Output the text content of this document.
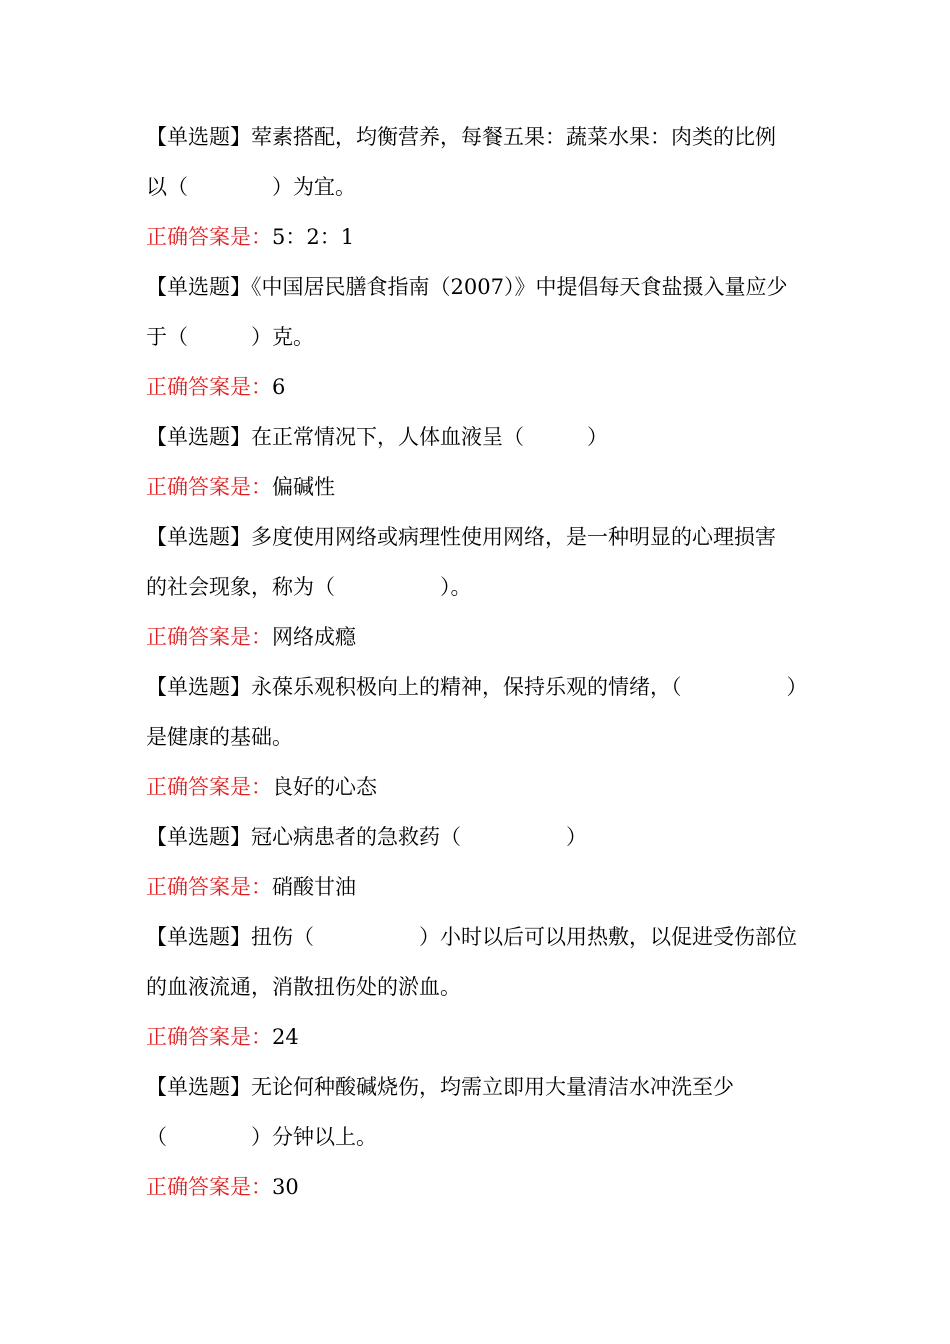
【单选题】荤素搭配，均衡营养，每餐五果：蔬菜水果：肉类的比例
以（　　　　）为宜。
正确答案是：5：2：1
【单选题】《中国居民膳食指南（2007）》中提倡每天食盐摄入量应少
于（　　　）克。
正确答案是：6
【单选题】在正常情况下，人体血液呈（　　　）
正确答案是：偏碱性
【单选题】多度使用网络或病理性使用网络，是一种明显的心理损害
的社会现象，称为（　　　　　）。
正确答案是：网络成瘾
【单选题】永葆乐观积极向上的精神，保持乐观的情绪，（　　　　　）
是健康的基础。
正确答案是：良好的心态
【单选题】冠心病患者的急救药（　　　　　）
正确答案是：硝酸甘油
【单选题】扭伤（　　　　　）小时以后可以用热敷，以促进受伤部位
的血液流通，消散扭伤处的淤血。
正确答案是：24
【单选题】无论何种酸碱烧伤，均需立即用大量清洁水冲洗至少
（　　　　）分钟以上。
正确答案是：30
